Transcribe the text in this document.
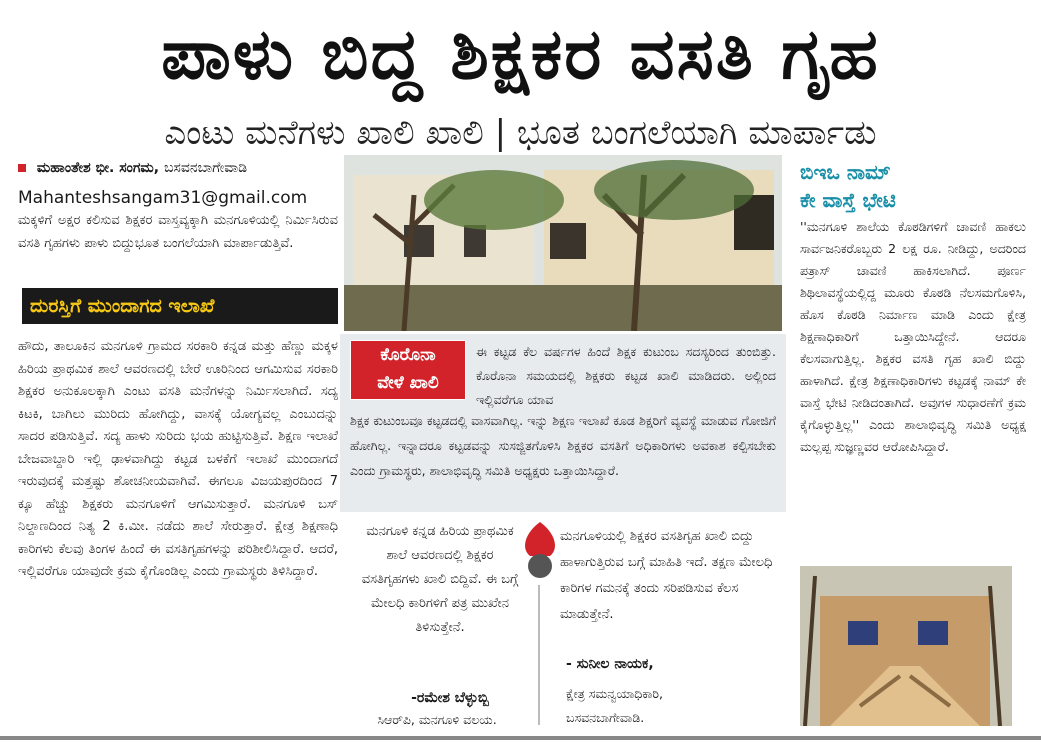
ಪಾಳು ಬಿದ್ದ ಶಿಕ್ಷಕರ ವಸತಿ ಗೃಹ
ಎಂಟು ಮನೆಗಳು ಖಾಲಿ ಖಾಲಿ | ಭೂತ ಬಂಗಲೆಯಾಗಿ ಮಾರ್ಪಾಡು
ಮಹಾಂತೇಶ ಭೀ. ಸಂಗಮ, ಬಸವನಬಾಗೇವಾಡಿ
Mahanteshsangam31@gmail.com
ಮಕ್ಕಳಿಗೆ ಅಕ್ಷರ ಕಲಿಸುವ ಶಿಕ್ಷಕರ ವಾಸ್ತವ್ಯಕ್ಕಾಗಿ ಮನಗೂಳಿಯಲ್ಲಿ ನಿರ್ಮಿಸಿರುವ ವಸತಿ ಗೃಹಗಳು ಪಾಳು ಬಿದ್ದುಭೂತ ಬಂಗಲೆಯಾಗಿ ಮಾರ್ಪಾಡುತ್ತಿವೆ.
ದುರಸ್ತಿಗೆ ಮುಂದಾಗದ ಇಲಾಖೆ
ಹೌದು, ತಾಲೂಕಿನ ಮನಗೂಳಿ ಗ್ರಾಮದ ಸರಕಾರಿ ಕನ್ನಡ ಮತ್ತು ಹೆಣ್ಣು ಮಕ್ಕಳ ಹಿರಿಯ ಪ್ರಾಥಮಿಕ ಶಾಲೆ ಆವರಣದಲ್ಲಿ ಬೇರೆ ಊರಿನಿಂದ ಆಗಮಿಸುವ ಸರಕಾರಿ ಶಿಕ್ಷಕರ ಅನುಕೂಲಕ್ಕಾಗಿ ಎಂಟು ವಸತಿ ಮನೆಗಳನ್ನು ನಿರ್ಮಿಸಲಾಗಿದೆ. ಸದ್ಯ ಕಿಟಕಿ, ಬಾಗಿಲು ಮುರಿದು ಹೋಗಿದ್ದು, ವಾಸಕ್ಕೆ ಯೋಗ್ಯವಲ್ಲ ಎಂಬುದನ್ನು ಸಾದರ ಪಡಿಸುತ್ತಿವೆ. ಸದ್ಯ ಹಾಳು ಸುರಿದು ಭಯ ಹುಟ್ಟಿಸುತ್ತಿವೆ. ಶಿಕ್ಷಣ ಇಲಾಖೆ ಬೇಜವಾಬ್ದಾರಿ ಇಲ್ಲಿ ಢಾಳವಾಗಿದ್ದು ಕಟ್ಟಡ ಬಳಕೆಗೆ ಇಲಾಖೆ ಮುಂದಾಗದೆ ಇರುವುದಕ್ಕೆ ಮತ್ತಷ್ಟು ಶೋಚನೀಯವಾಗಿವೆ. ಈಗಲೂ ವಿಜಯಪುರದಿಂದ 7 ಕ್ಕೂ ಹೆಚ್ಚು ಶಿಕ್ಷಕರು ಮನಗೂಳಿಗೆ ಆಗಮಿಸುತ್ತಾರೆ. ಮನಗೂಳಿ ಬಸ್ ನಿಲ್ದಾಣದಿಂದ ನಿತ್ಯ 2 ಕಿ.ಮೀ. ನಡೆದು ಶಾಲೆ ಸೇರುತ್ತಾರೆ. ಕ್ಷೇತ್ರ ಶಿಕ್ಷಣಾಧಿ ಕಾರಿಗಳು ಕೆಲವು ತಿಂಗಳ ಹಿಂದೆ ಈ ವಸತಿಗೃಹಗಳನ್ನು ಪರಿಶೀಲಿಸಿದ್ದಾರೆ. ಆದರೆ, ಇಲ್ಲಿವರೆಗೂ ಯಾವುದೇ ಕ್ರಮ ಕೈಗೊಂಡಿಲ್ಲ ಎಂದು ಗ್ರಾಮಸ್ಥರು ತಿಳಿಸಿದ್ದಾರೆ.
ಕೊರೊನಾ
ವೇಳೆ ಖಾಲಿ
ಈ ಕಟ್ಟಡ ಕೆಲ ವರ್ಷಗಳ ಹಿಂದೆ ಶಿಕ್ಷಕ ಕುಟುಂಬ ಸದಸ್ಯರಿಂದ ತುಂಬಿತ್ತು. ಕೊರೊನಾ ಸಮಯದಲ್ಲಿ ಶಿಕ್ಷಕರು ಕಟ್ಟಡ ಖಾಲಿ ಮಾಡಿದರು. ಅಲ್ಲಿಂದ ಇಲ್ಲಿವರೆಗೂ ಯಾವ
ಶಿಕ್ಷಕ ಕುಟುಂಬವೂ ಕಟ್ಟಡದಲ್ಲಿ ವಾಸವಾಗಿಲ್ಲ. ಇನ್ನು ಶಿಕ್ಷಣ ಇಲಾಖೆ ಕೂಡ ಶಿಕ್ಷರಿಗೆ ವ್ಯವಸ್ಥೆ ಮಾಡುವ ಗೋಜಿಗೆ ಹೋಗಿಲ್ಲ. ಇನ್ನಾದರೂ ಕಟ್ಟಡವನ್ನು ಸುಸಜ್ಜಿತಗೊಳಿಸಿ ಶಿಕ್ಷಕರ ವಸತಿಗೆ ಅಧಿಕಾರಿಗಳು ಅವಕಾಶ ಕಲ್ಪಿಸಬೇಕು ಎಂದು ಗ್ರಾಮಸ್ಥರು, ಶಾಲಾಭಿವೃದ್ಧಿ ಸಮಿತಿ ಅಧ್ಯಕ್ಷರು ಒತ್ತಾಯಿಸಿದ್ದಾರೆ.
ಮನಗೂಳಿ ಕನ್ನಡ ಹಿರಿಯ ಪ್ರಾಥಮಿಕ ಶಾಲೆ ಆವರಣದಲ್ಲಿ ಶಿಕ್ಷಕರ ವಸತಿಗೃಹಗಳು ಖಾಲಿ ಬಿದ್ದಿವೆ. ಈ ಬಗ್ಗೆ ಮೇಲಧಿ ಕಾರಿಗಳಿಗೆ ಪತ್ರ ಮುಖೇನ ತಿಳಿಸುತ್ತೇನೆ.
-ರಮೇಶ ಬೆಳ್ಳುಬ್ಬಿ
ಸಿಆರ್‌ಪಿ, ಮನಗೂಳಿ ವಲಯ.
ಮನಗೂಳಿಯಲ್ಲಿ ಶಿಕ್ಷಕರ ವಸತಿಗೃಹ ಖಾಲಿ ಬಿದ್ದು ಹಾಳಾಗುತ್ತಿರುವ ಬಗ್ಗೆ ಮಾಹಿತಿ ಇದೆ. ತಕ್ಷಣ ಮೇಲಧಿ ಕಾರಿಗಳ ಗಮನಕ್ಕೆ ತಂದು ಸರಿಪಡಿಸುವ ಕೆಲಸ ಮಾಡುತ್ತೇನೆ.
- ಸುನೀಲ ನಾಯಕ,
ಕ್ಷೇತ್ರ ಸಮನ್ವಯಾಧಿಕಾರಿ,
ಬಸವನಬಾಗೇವಾಡಿ.
ಬಿಇಒ ನಾಮ್
ಕೇ ವಾಸ್ತೆ ಭೇಟಿ
''ಮನಗೂಳಿ ಶಾಲೆಯ ಕೊಠಡಿಗಳಿಗೆ ಚಾವಣಿ ಹಾಕಲು ಸಾರ್ವಜನಿಕರೊಬ್ಬರು 2 ಲಕ್ಷ ರೂ. ನೀಡಿದ್ದು, ಅದರಿಂದ ಪತ್ರಾಸ್ ಚಾವಣಿ ಹಾಕಿಸಲಾಗಿದೆ. ಪೂರ್ಣ ಶಿಥಿಲಾವಸ್ಥೆಯಲ್ಲಿದ್ದ ಮೂರು ಕೊಠಡಿ ನೆಲಸಮಗೊಳಿಸಿ, ಹೊಸ ಕೊಠಡಿ ನಿರ್ಮಾಣ ಮಾಡಿ ಎಂದು ಕ್ಷೇತ್ರ ಶಿಕ್ಷಣಾಧಿಕಾರಿಗೆ ಒತ್ತಾಯಿಸಿದ್ದೇನೆ. ಆದರೂ ಕೆಲಸವಾಗುತ್ತಿಲ್ಲ. ಶಿಕ್ಷಕರ ವಸತಿ ಗೃಹ ಖಾಲಿ ಬಿದ್ದು ಹಾಳಾಗಿದೆ. ಕ್ಷೇತ್ರ ಶಿಕ್ಷಣಾಧಿಕಾರಿಗಳು ಕಟ್ಟಡಕ್ಕೆ ನಾಮ್ ಕೇ ವಾಸ್ತೆ ಭೇಟಿ ನೀಡಿದಂತಾಗಿದೆ. ಅವುಗಳ ಸುಧಾರಣೆಗೆ ಕ್ರಮ ಕೈಗೊಳ್ಳುತ್ತಿಲ್ಲ'' ಎಂದು ಶಾಲಾಭಿವೃದ್ಧಿ ಸಮಿತಿ ಅಧ್ಯಕ್ಷ ಮಲ್ಲಪ್ಪ ಸುಜ್ಞಣ್ಣವರ ಆರೋಪಿಸಿದ್ದಾರೆ.
